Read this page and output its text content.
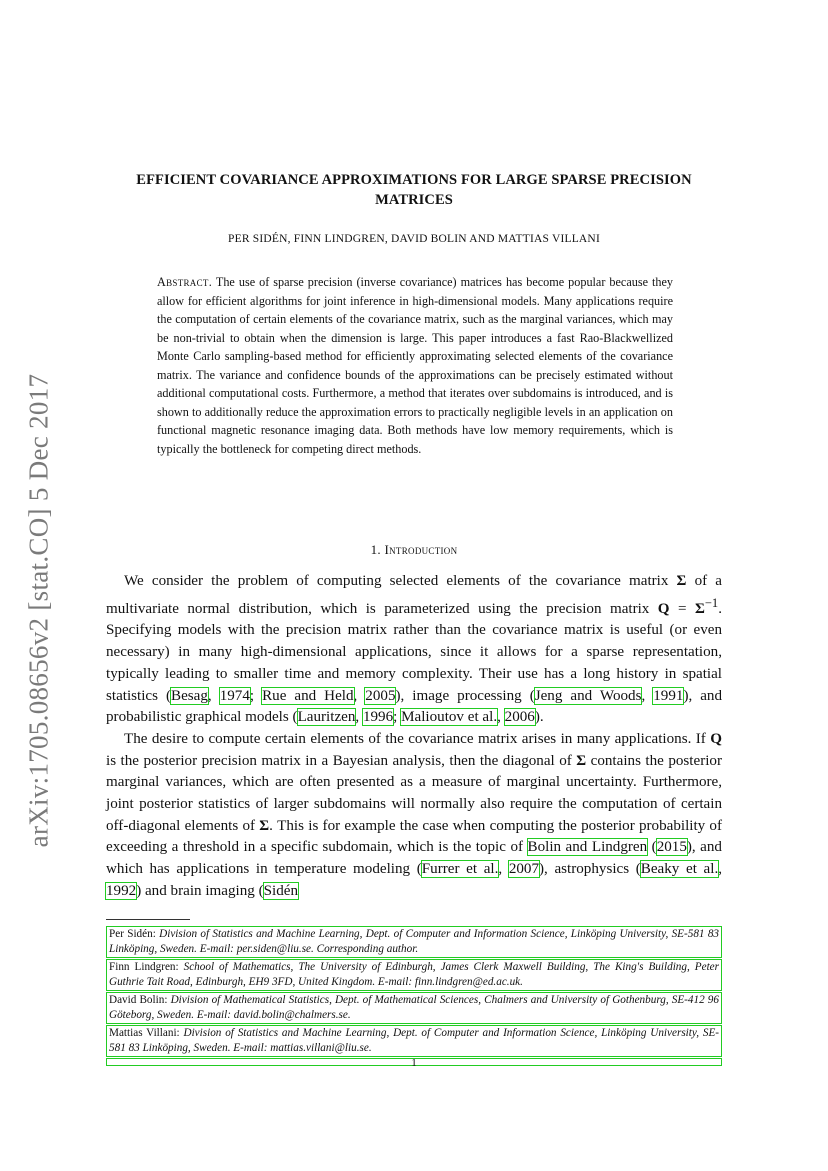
arXiv:1705.08656v2 [stat.CO] 5 Dec 2017
EFFICIENT COVARIANCE APPROXIMATIONS FOR LARGE SPARSE PRECISION
MATRICES
PER SIDÉN, FINN LINDGREN, DAVID BOLIN AND MATTIAS VILLANI
Abstract. The use of sparse precision (inverse covariance) matrices has become popular because they allow for efficient algorithms for joint inference in high-dimensional models. Many applications require the computation of certain elements of the covariance matrix, such as the marginal variances, which may be non-trivial to obtain when the dimension is large. This paper introduces a fast Rao-Blackwellized Monte Carlo sampling-based method for efficiently approximating selected elements of the covariance matrix. The variance and confidence bounds of the approximations can be precisely estimated without additional computational costs. Furthermore, a method that iterates over subdomains is introduced, and is shown to additionally reduce the approximation errors to practically negligible levels in an application on functional magnetic resonance imaging data. Both methods have low memory requirements, which is typically the bottleneck for competing direct methods.
1. Introduction

We consider the problem of computing selected elements of the covariance matrix Σ of a multivariate normal distribution, which is parameterized using the precision matrix $Q = \Sigma^{-1}$. Specifying models with the precision matrix rather than the covariance matrix is useful (or even necessary) in many high-dimensional applications, since it allows for a sparse representation, typically leading to smaller time and memory complexity. Their use has a long history in spatial statistics (Besag, 1974; Rue and Held, 2005), image processing (Jeng and Woods, 1991), and probabilistic graphical models (Lauritzen, 1996; Malioutov et al., 2006).

The desire to compute certain elements of the covariance matrix arises in many applications. If Q is the posterior precision matrix in a Bayesian analysis, then the diagonal of Σ contains the posterior marginal variances, which are often presented as a measure of marginal uncertainty. Furthermore, joint posterior statistics of larger subdomains will normally also require the computation of certain off-diagonal elements of Σ. This is for example the case when computing the posterior probability of exceeding a threshold in a specific subdomain, which is the topic of Bolin and Lindgren (2015), and which has applications in temperature modeling (Furrer et al., 2007), astrophysics (Beaky et al., 1992) and brain imaging (Sidén

Per Sidén: Division of Statistics and Machine Learning, Dept. of Computer and Information Science, Linköping University, SE-581 83 Linköping, Sweden. E-mail: per.siden@liu.se. Corresponding author.
Finn Lindgren: School of Mathematics, The University of Edinburgh, James Clerk Maxwell Building, The King's Building, Peter Guthrie Tait Road, Edinburgh, EH9 3FD, United Kingdom. E-mail: finn.lindgren@ed.ac.uk.
David Bolin: Division of Mathematical Statistics, Dept. of Mathematical Sciences, Chalmers and University of Gothenburg, SE-412 96 Göteborg, Sweden. E-mail: david.bolin@chalmers.se.
Mattias Villani: Division of Statistics and Machine Learning, Dept. of Computer and Information Science, Linköping University, SE-581 83 Linköping, Sweden. E-mail: mattias.villani@liu.se.
1
